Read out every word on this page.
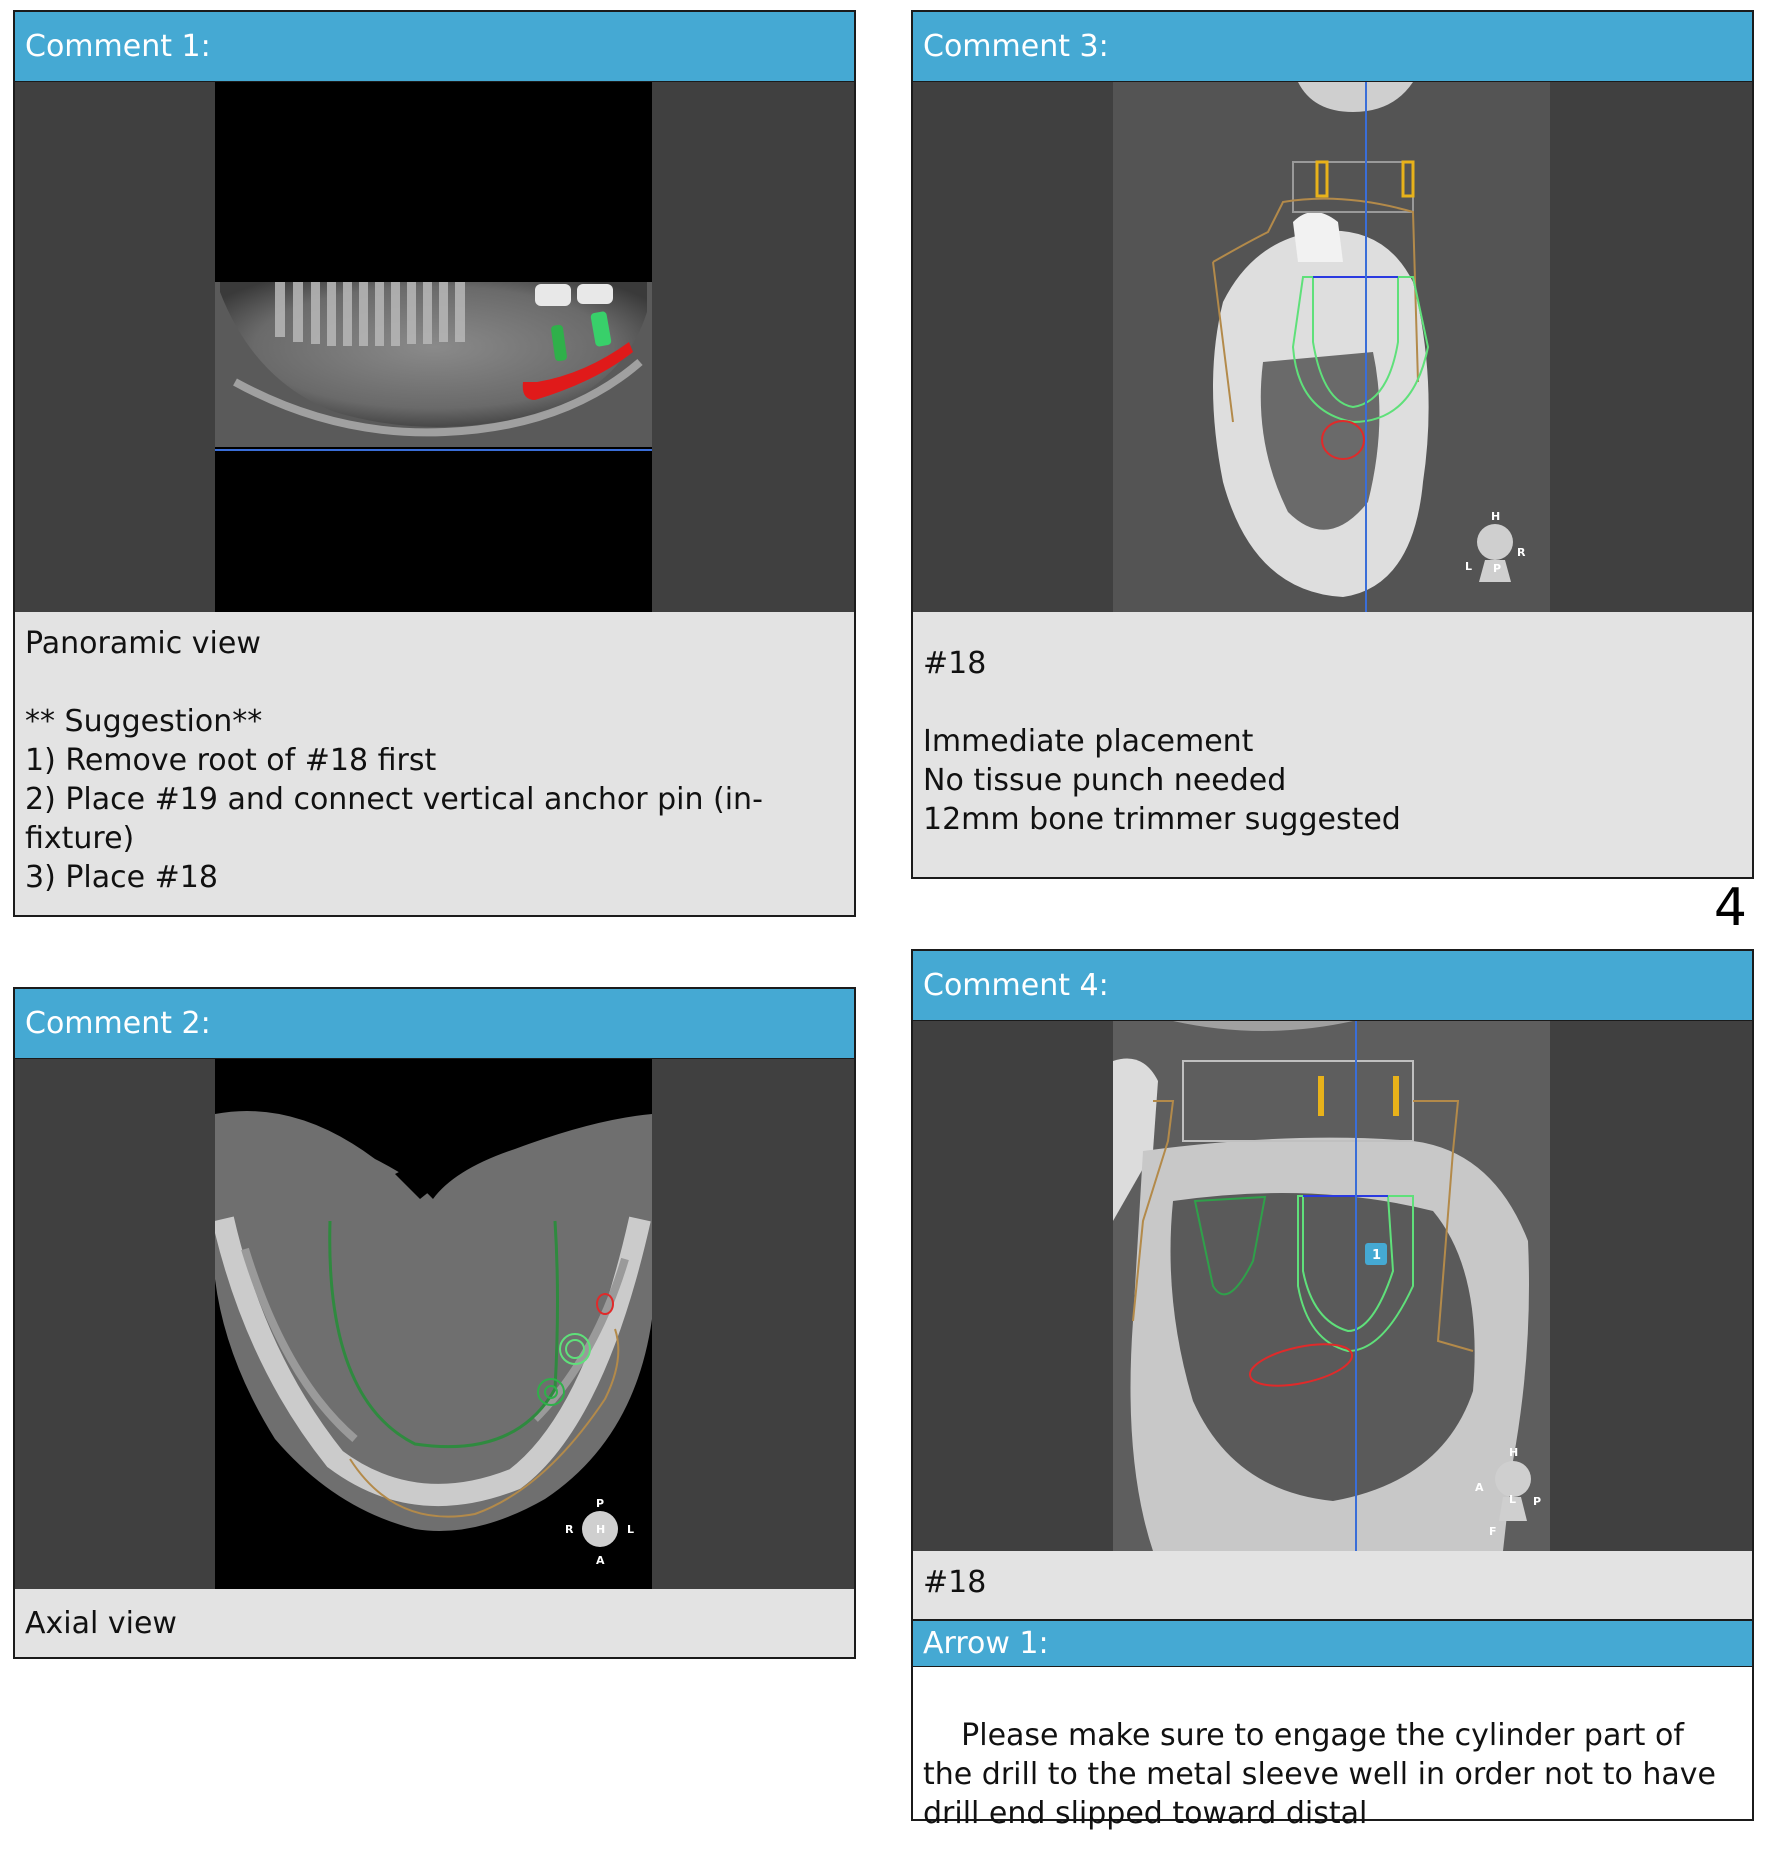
Comment 1:
Panoramic view

** Suggestion**
1) Remove root of #18 first
2) Place #19 and connect vertical anchor pin (in-fixture)
3) Place #18
Comment 2:
P
R H L
A
Axial view
Comment 3:
H
L P
R
#18

Immediate placement
No tissue punch needed
12mm bone trimmer suggested
4
Comment 4:
1
H
A
L P
F
#18
Arrow 1:

Please make sure to engage the cylinder part of the drill to the metal sleeve well in order not to have drill end slipped toward distal
